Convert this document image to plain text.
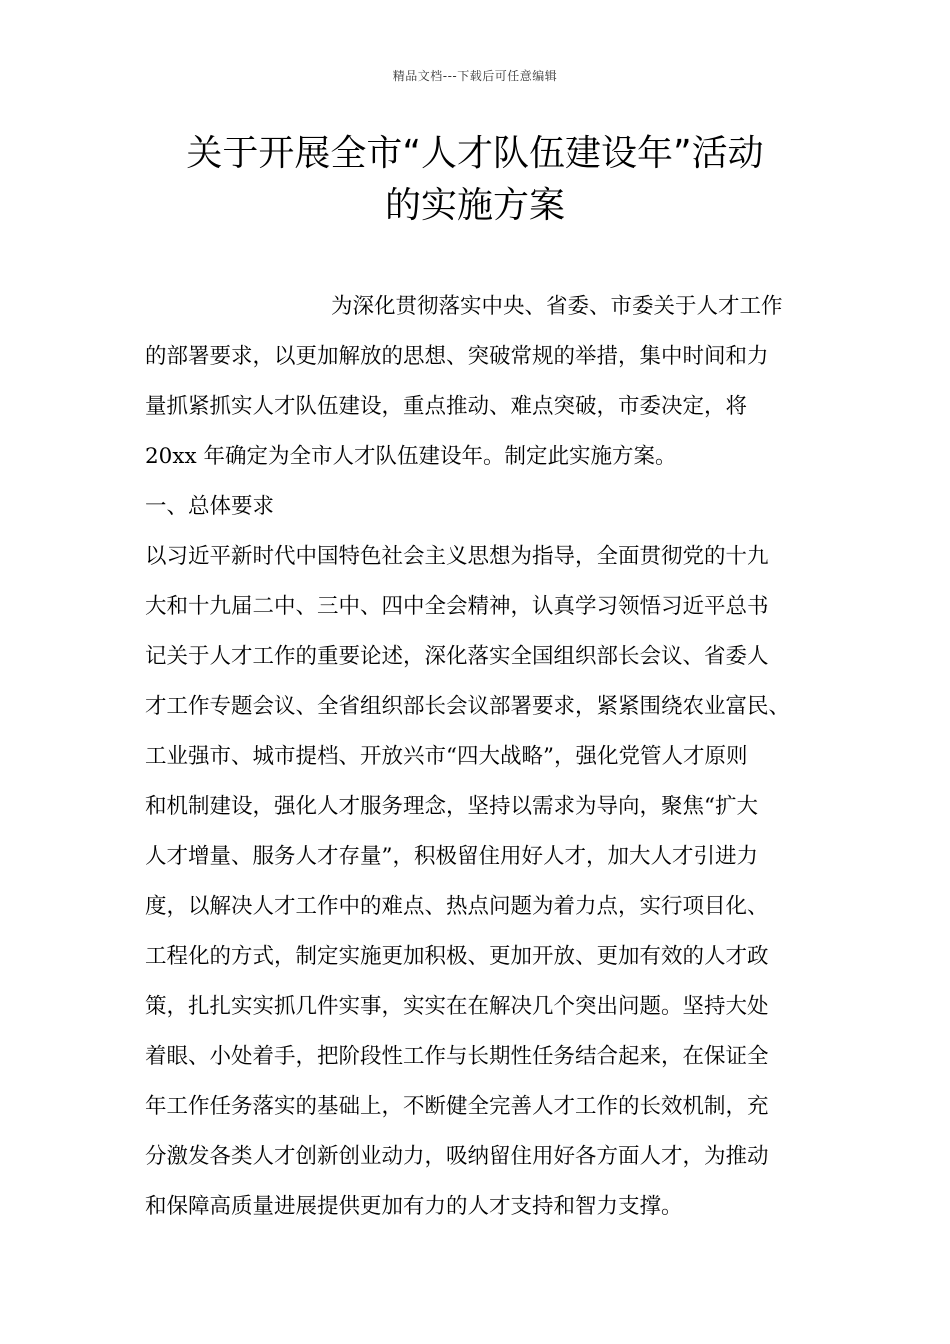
精品文档---下载后可任意编辑
关于开展全市“人才队伍建设年”活动
的实施方案
为深化贯彻落实中央、省委、市委关于人才工作
的部署要求，以更加解放的思想、突破常规的举措，集中时间和力
量抓紧抓实人才队伍建设，重点推动、难点突破，市委决定，将
20xx 年确定为全市人才队伍建设年。制定此实施方案。
一、总体要求
以习近平新时代中国特色社会主义思想为指导，全面贯彻党的十九
大和十九届二中、三中、四中全会精神，认真学习领悟习近平总书
记关于人才工作的重要论述，深化落实全国组织部长会议、省委人
才工作专题会议、全省组织部长会议部署要求，紧紧围绕农业富民、
工业强市、城市提档、开放兴市“四大战略”，强化党管人才原则
和机制建设，强化人才服务理念，坚持以需求为导向，聚焦“扩大
人才增量、服务人才存量”，积极留住用好人才，加大人才引进力
度，以解决人才工作中的难点、热点问题为着力点，实行项目化、
工程化的方式，制定实施更加积极、更加开放、更加有效的人才政
策，扎扎实实抓几件实事，实实在在解决几个突出问题。坚持大处
着眼、小处着手，把阶段性工作与长期性任务结合起来，在保证全
年工作任务落实的基础上，不断健全完善人才工作的长效机制，充
分激发各类人才创新创业动力，吸纳留住用好各方面人才，为推动
和保障高质量进展提供更加有力的人才支持和智力支撑。
